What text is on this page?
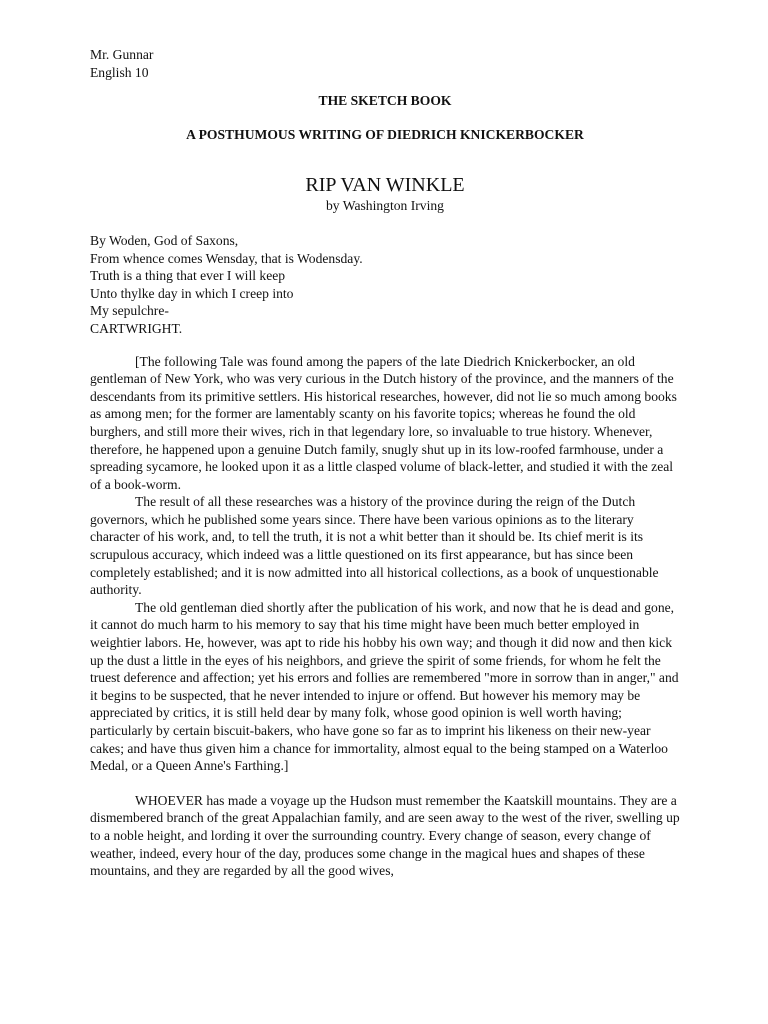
Mr. Gunnar
English 10
THE SKETCH BOOK
A POSTHUMOUS WRITING OF DIEDRICH KNICKERBOCKER
RIP VAN WINKLE
by Washington Irving
By Woden, God of Saxons,
From whence comes Wensday, that is Wodensday.
Truth is a thing that ever I will keep
Unto thylke day in which I creep into
My sepulchre-
CARTWRIGHT.

[The following Tale was found among the papers of the late Diedrich Knickerbocker, an old gentleman of New York, who was very curious in the Dutch history of the province, and the manners of the descendants from its primitive settlers. His historical researches, however, did not lie so much among books as among men; for the former are lamentably scanty on his favorite topics; whereas he found the old burghers, and still more their wives, rich in that legendary lore, so invaluable to true history. Whenever, therefore, he happened upon a genuine Dutch family, snugly shut up in its low-roofed farmhouse, under a spreading sycamore, he looked upon it as a little clasped volume of black-letter, and studied it with the zeal of a book-worm.

The result of all these researches was a history of the province during the reign of the Dutch governors, which he published some years since. There have been various opinions as to the literary character of his work, and, to tell the truth, it is not a whit better than it should be. Its chief merit is its scrupulous accuracy, which indeed was a little questioned on its first appearance, but has since been completely established; and it is now admitted into all historical collections, as a book of unquestionable authority.

The old gentleman died shortly after the publication of his work, and now that he is dead and gone, it cannot do much harm to his memory to say that his time might have been much better employed in weightier labors. He, however, was apt to ride his hobby his own way; and though it did now and then kick up the dust a little in the eyes of his neighbors, and grieve the spirit of some friends, for whom he felt the truest deference and affection; yet his errors and follies are remembered "more in sorrow than in anger," and it begins to be suspected, that he never intended to injure or offend. But however his memory may be appreciated by critics, it is still held dear by many folk, whose good opinion is well worth having; particularly by certain biscuit-bakers, who have gone so far as to imprint his likeness on their new-year cakes; and have thus given him a chance for immortality, almost equal to the being stamped on a Waterloo Medal, or a Queen Anne's Farthing.]

WHOEVER has made a voyage up the Hudson must remember the Kaatskill mountains. They are a dismembered branch of the great Appalachian family, and are seen away to the west of the river, swelling up to a noble height, and lording it over the surrounding country. Every change of season, every change of weather, indeed, every hour of the day, produces some change in the magical hues and shapes of these mountains, and they are regarded by all the good wives,
